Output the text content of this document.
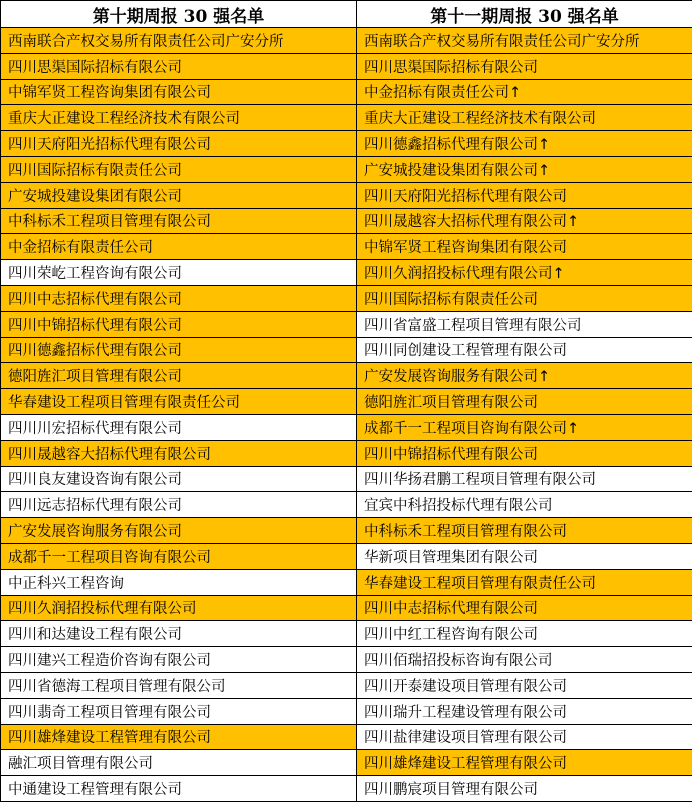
第十期周报 30 强名单	第十一期周报 30 强名单
西南联合产权交易所有限责任公司广安分所	西南联合产权交易所有限责任公司广安分所
四川思渠国际招标有限公司	四川思渠国际招标有限公司
中锦军贤工程咨询集团有限公司	中金招标有限责任公司↑
重庆大正建设工程经济技术有限公司	重庆大正建设工程经济技术有限公司
四川天府阳光招标代理有限公司	四川德鑫招标代理有限公司↑
四川国际招标有限责任公司	广安城投建设集团有限公司↑
广安城投建设集团有限公司	四川天府阳光招标代理有限公司
中科标禾工程项目管理有限公司	四川晟越容大招标代理有限公司↑
中金招标有限责任公司	中锦军贤工程咨询集团有限公司
四川荣屹工程咨询有限公司	四川久润招投标代理有限公司↑
四川中志招标代理有限公司	四川国际招标有限责任公司
四川中锦招标代理有限公司	四川省富盛工程项目管理有限公司
四川德鑫招标代理有限公司	四川同创建设工程管理有限公司
德阳旌汇项目管理有限公司	广安发展咨询服务有限公司↑
华春建设工程项目管理有限责任公司	德阳旌汇项目管理有限公司
四川川宏招标代理有限公司	成都千一工程项目咨询有限公司↑
四川晟越容大招标代理有限公司	四川中锦招标代理有限公司
四川良友建设咨询有限公司	四川华扬君鹏工程项目管理有限公司
四川远志招标代理有限公司	宜宾中科招投标代理有限公司
广安发展咨询服务有限公司	中科标禾工程项目管理有限公司
成都千一工程项目咨询有限公司	华新项目管理集团有限公司
中正科兴工程咨询	华春建设工程项目管理有限责任公司
四川久润招投标代理有限公司	四川中志招标代理有限公司
四川和达建设工程有限公司	四川中红工程咨询有限公司
四川建兴工程造价咨询有限公司	四川佰瑞招投标咨询有限公司
四川省德海工程项目管理有限公司	四川开泰建设项目管理有限公司
四川翡奇工程项目管理有限公司	四川瑞升工程建设管理有限公司
四川雄烽建设工程管理有限公司	四川盐律建设项目管理有限公司
融汇项目管理有限公司	四川雄烽建设工程管理有限公司
中通建设工程管理有限公司	四川鹏宸项目管理有限公司
